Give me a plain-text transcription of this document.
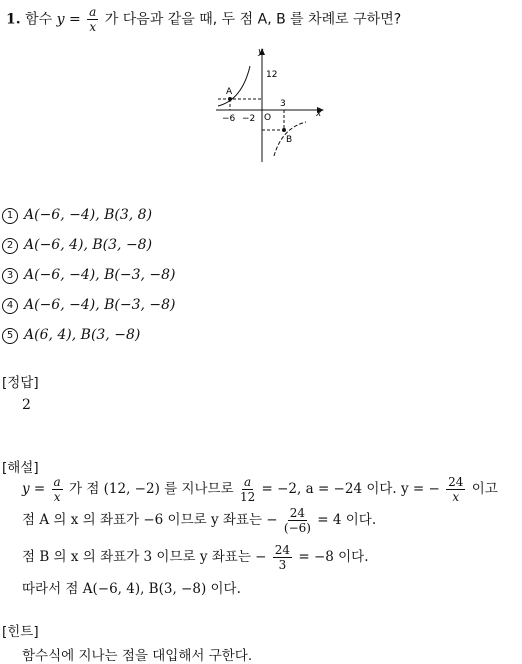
1. 함수 $y = \frac{a}{x}$ 가 다음과 같을 때, 두 점 A, B 를 차례로 구하면?
y
x
12
A
B
O
−6 −2
3
1 A(−6, −4), B(3, 8)
2 A(−6, 4), B(3, −8)
3 A(−6, −4), B(−3, −8)
4 A(−6, −4), B(−3, −8)
5 A(6, 4), B(3, −8)
[정답]
2
[해설]
$y = \frac{a}{x}$ 가 점 (12, −2) 를 지나므로 $\frac{a}{12} = -2$, a = −24 이다. y = − $\frac{24}{x}$ 이고
점 A 의 x 의 좌표가 −6 이므로 y 좌표는 − $\frac{24}{(-6)} = 4$ 이다.
점 B 의 x 의 좌표가 3 이므로 y 좌표는 − $\frac{24}{3} = -8$ 이다.
따라서 점 A(−6, 4), B(3, −8) 이다.
[힌트]
함수식에 지나는 점을 대입해서 구한다.
